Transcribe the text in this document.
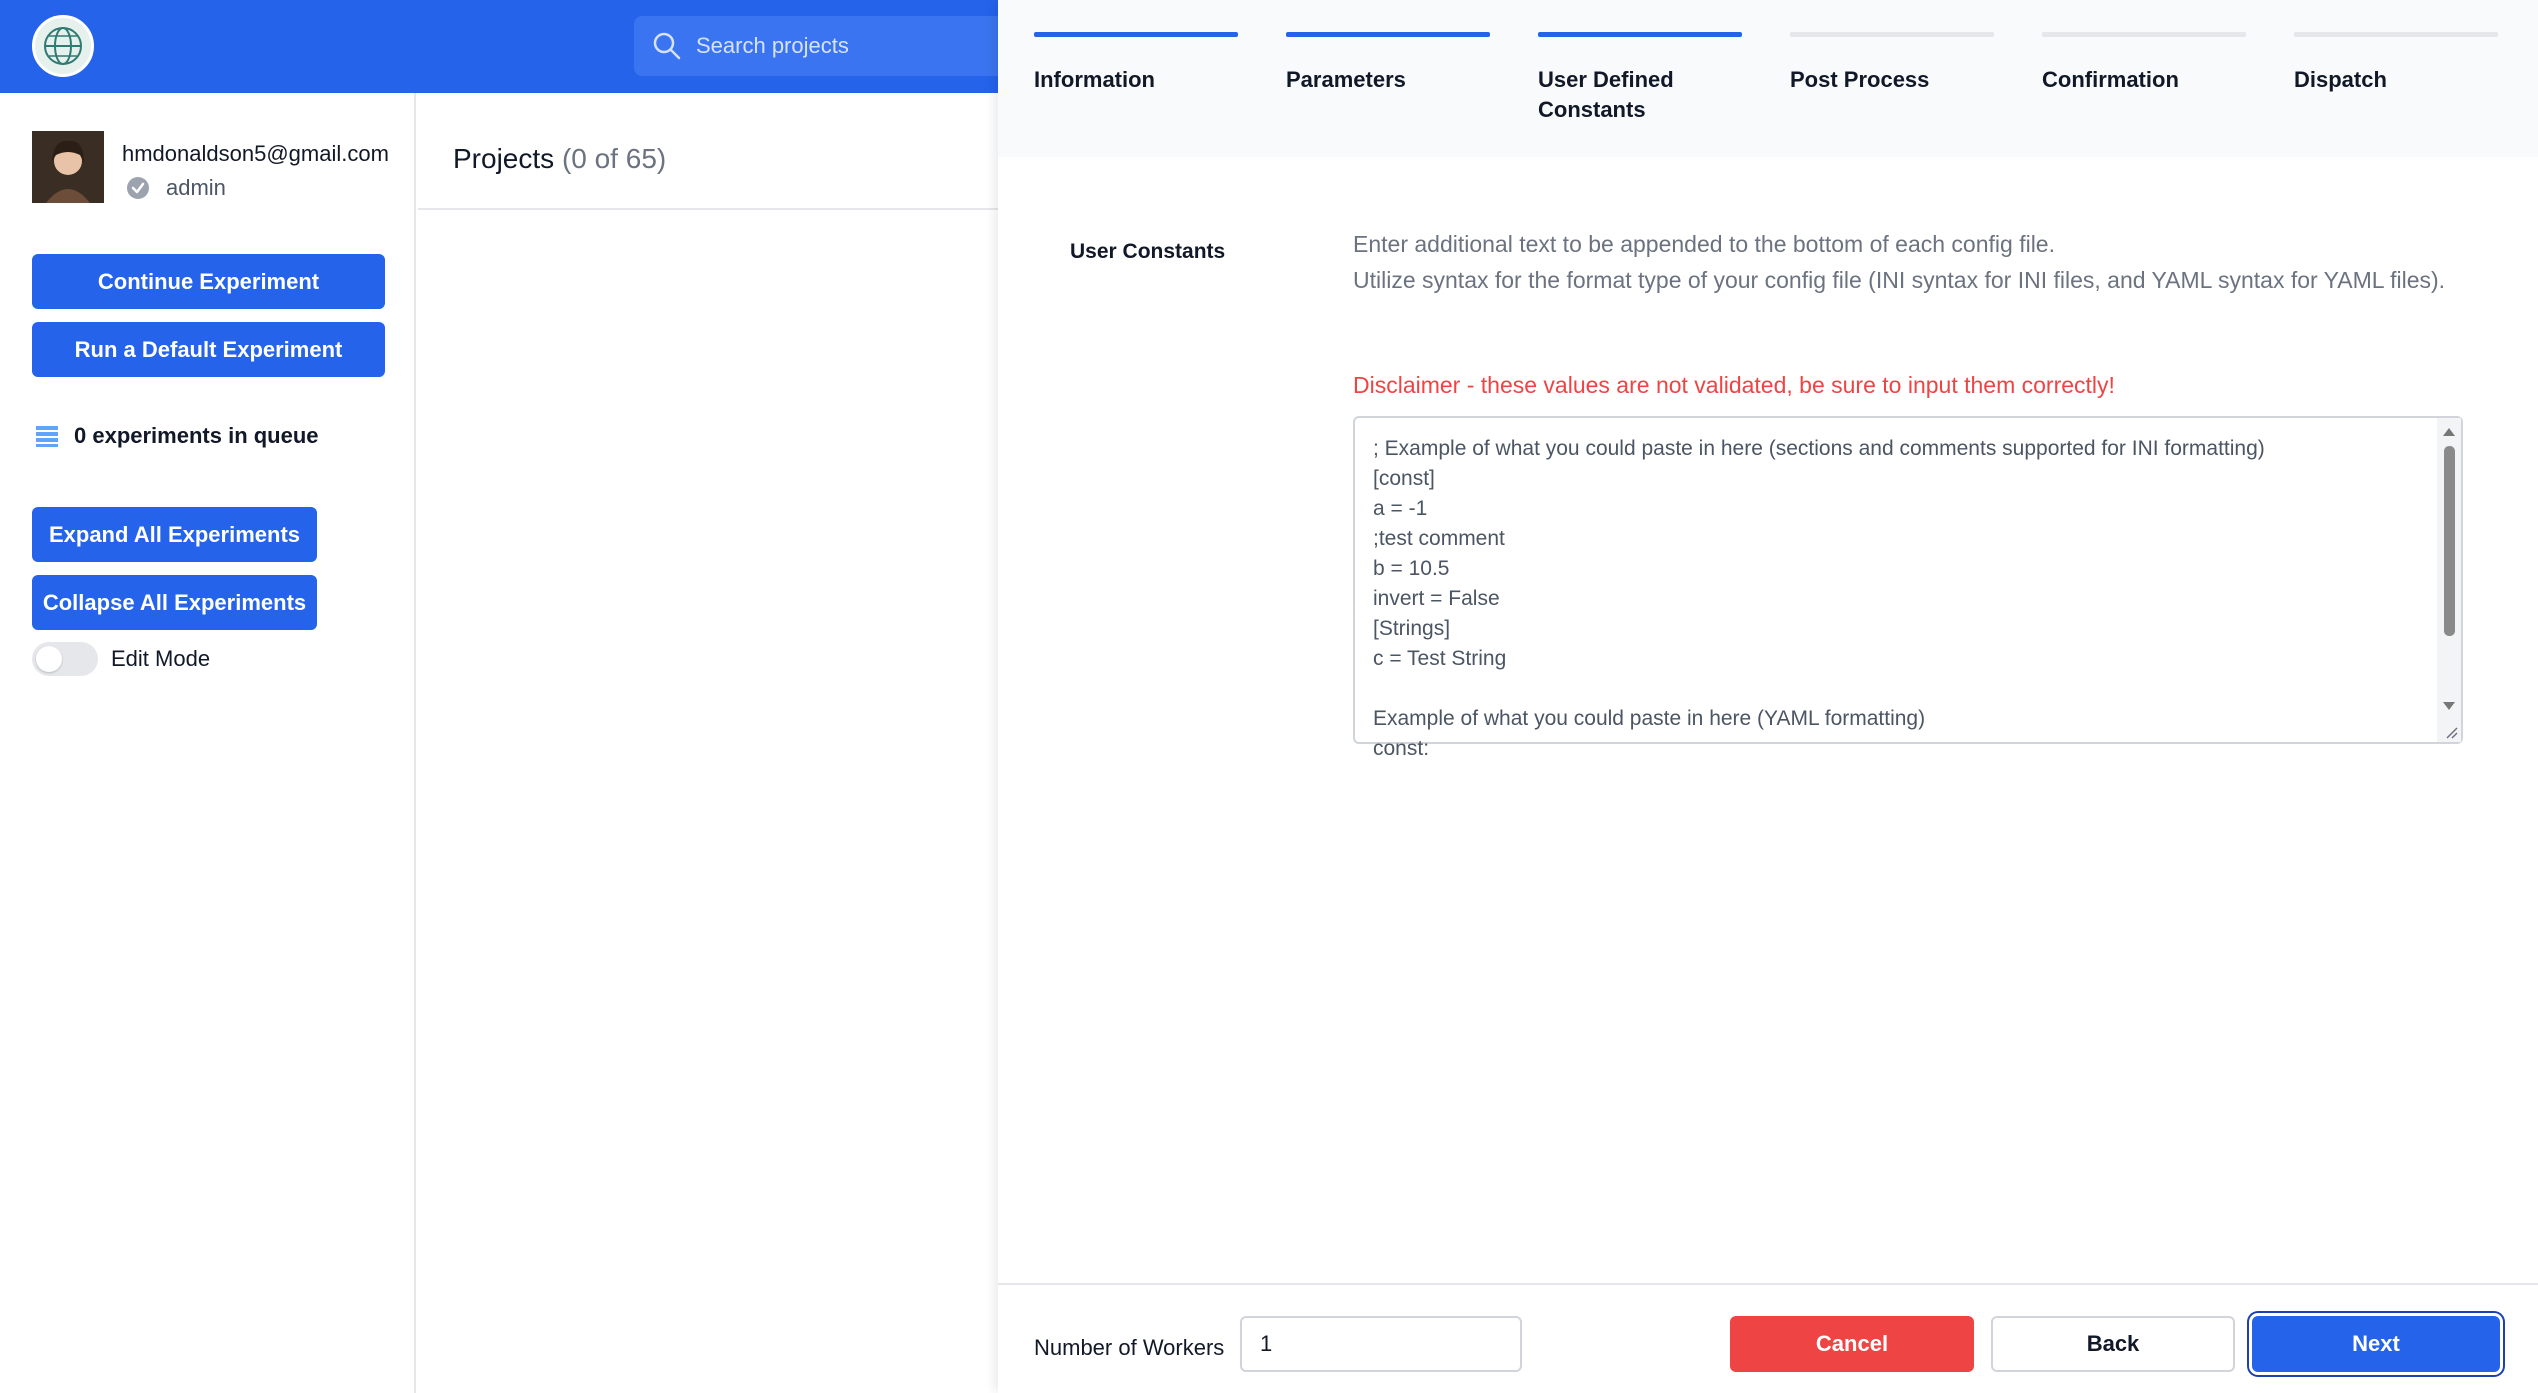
Search projects
hmdonaldson5@gmail.com
admin
Continue Experiment
Run a Default Experiment
0 experiments in queue
Expand All Experiments
Collapse All Experiments
Edit Mode
Projects (0 of 65)
Information	Parameters	User Defined Constants
Post Process	Confirmation	Dispatch
User Constants	Enter additional text to be appended to the bottom of each config file.
Utilize syntax for the format type of your config file (INI syntax for INI files, and YAML syntax for YAML files).
Disclaimer - these values are not validated, be sure to input them correctly!
; Example of what you could paste in here (sections and comments supported for INI formatting)
[const]
a = -1
;test comment
b = 10.5
invert = False
[Strings]
c = Test String

Example of what you could paste in here (YAML formatting)
const:
Number of Workers
1	Cancel	Back	Next
